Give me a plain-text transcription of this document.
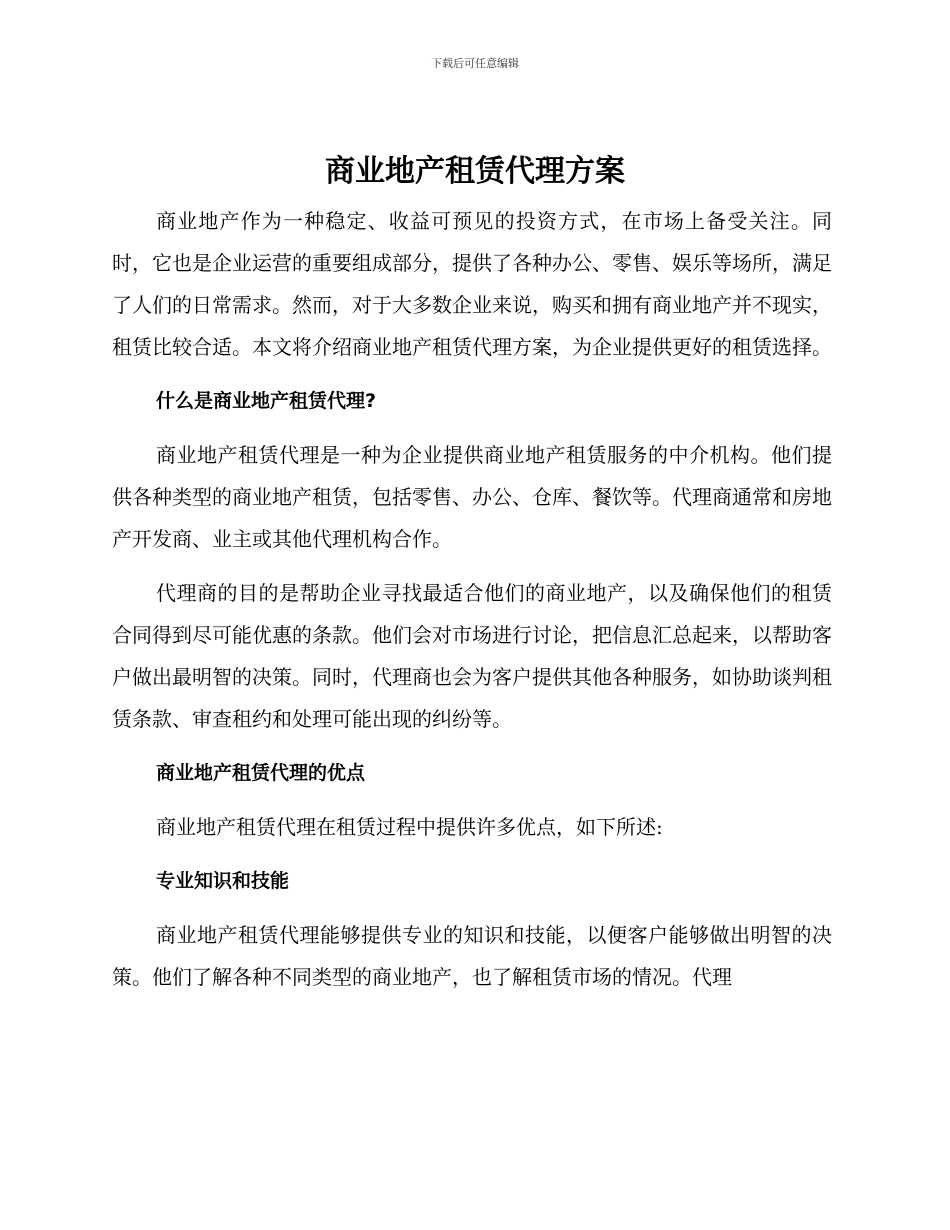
下载后可任意编辑
商业地产租赁代理方案

商业地产作为一种稳定、收益可预见的投资方式，在市场上备受关注。同时，它也是企业运营的重要组成部分，提供了各种办公、零售、娱乐等场所，满足了人们的日常需求。然而，对于大多数企业来说，购买和拥有商业地产并不现实，租赁比较合适。本文将介绍商业地产租赁代理方案，为企业提供更好的租赁选择。

什么是商业地产租赁代理?

商业地产租赁代理是一种为企业提供商业地产租赁服务的中介机构。他们提供各种类型的商业地产租赁，包括零售、办公、仓库、餐饮等。代理商通常和房地产开发商、业主或其他代理机构合作。

代理商的目的是帮助企业寻找最适合他们的商业地产，以及确保他们的租赁合同得到尽可能优惠的条款。他们会对市场进行讨论，把信息汇总起来，以帮助客户做出最明智的决策。同时，代理商也会为客户提供其他各种服务，如协助谈判租赁条款、审查租约和处理可能出现的纠纷等。

商业地产租赁代理的优点

商业地产租赁代理在租赁过程中提供许多优点，如下所述:

专业知识和技能

商业地产租赁代理能够提供专业的知识和技能，以便客户能够做出明智的决策。他们了解各种不同类型的商业地产，也了解租赁市场的情况。代理
